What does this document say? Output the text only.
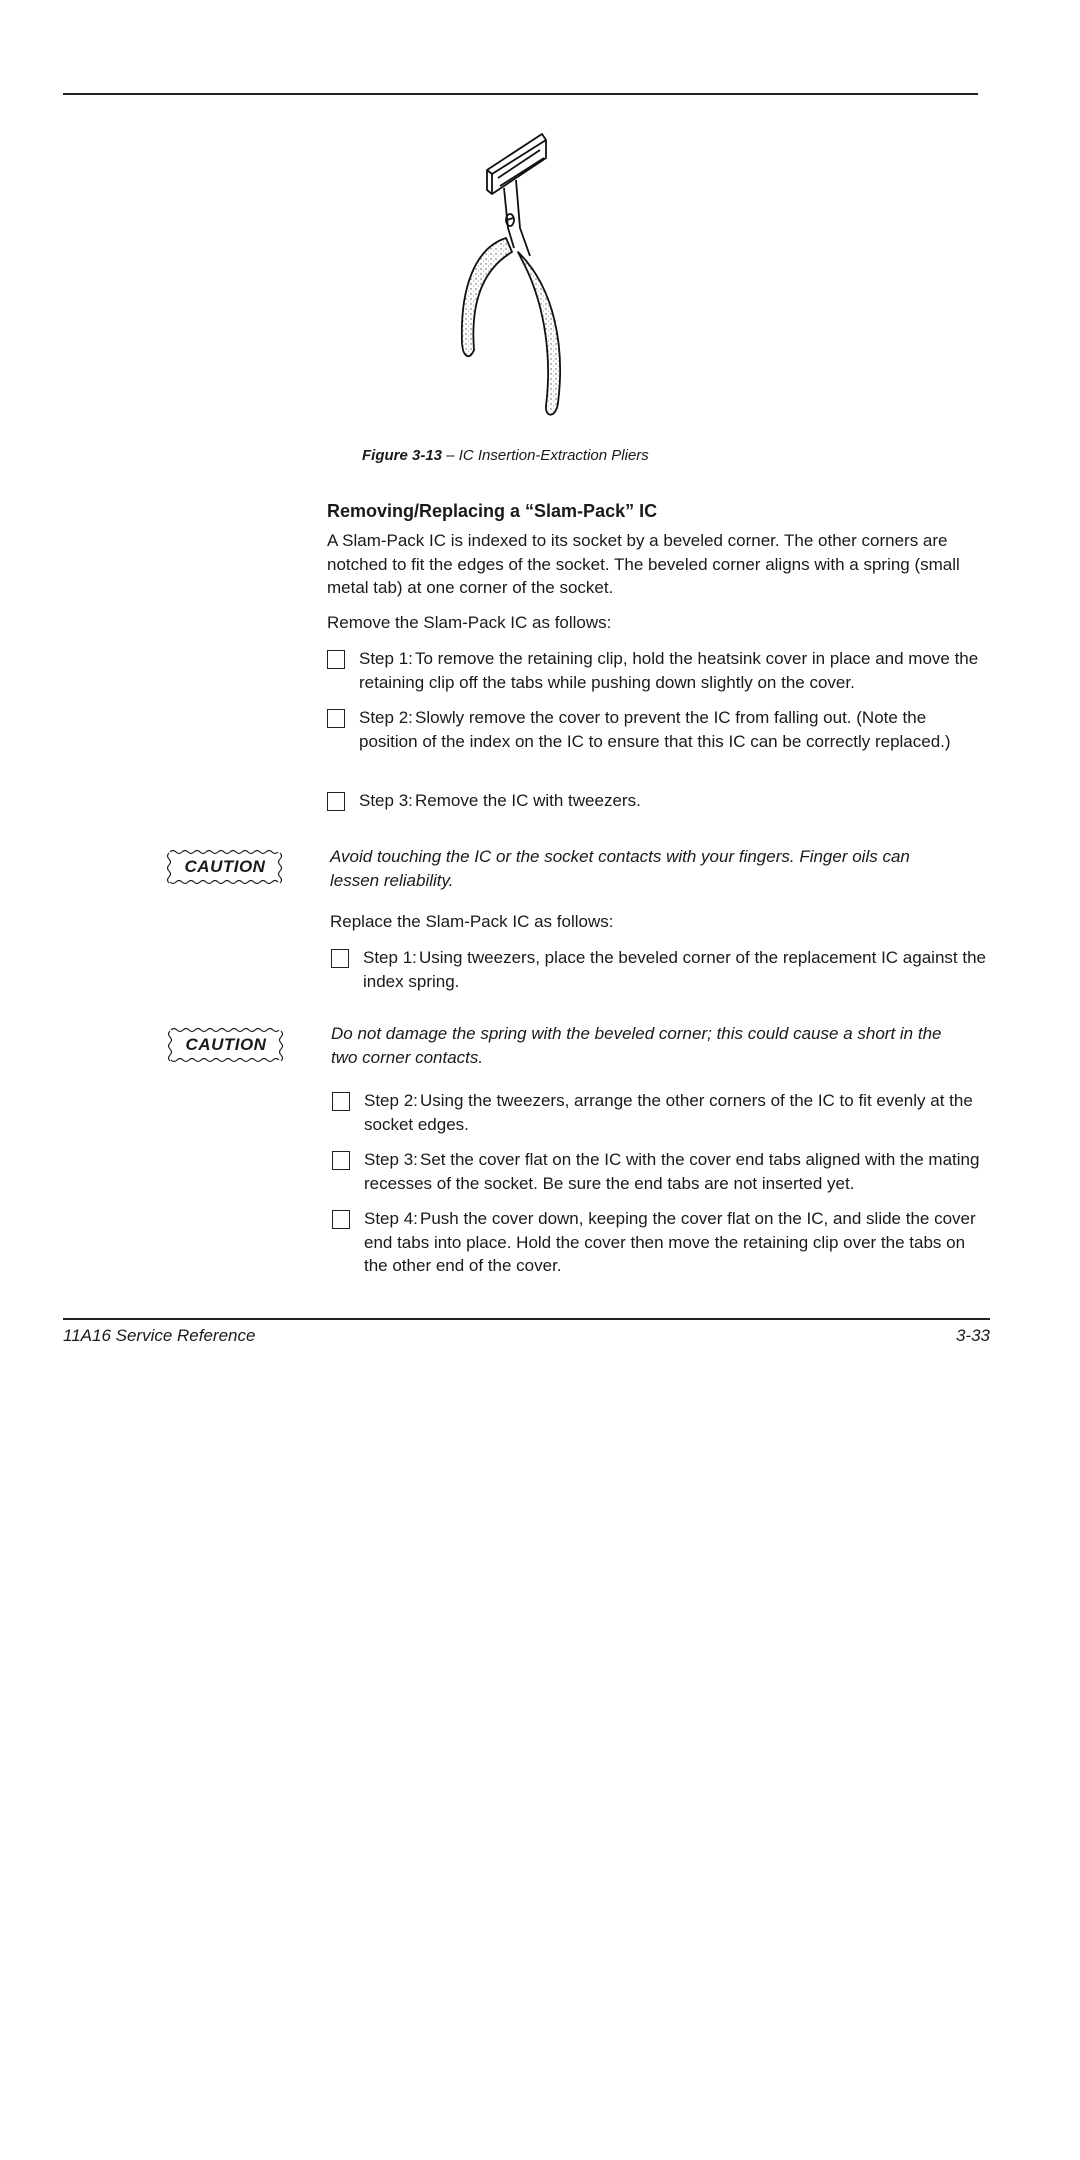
Figure 3-13 – IC Insertion-Extraction Pliers
Removing/Replacing a “Slam-Pack” IC
A Slam-Pack IC is indexed to its socket by a beveled corner. The other corners are notched to fit the edges of the socket. The beveled corner aligns with a spring (small metal tab) at one corner of the socket.
Remove the Slam-Pack IC as follows:
Step 1: To remove the retaining clip, hold the heatsink cover in place and move the retaining clip off the tabs while pushing down slightly on the cover.
Step 2: Slowly remove the cover to prevent the IC from falling out. (Note the position of the index on the IC to ensure that this IC can be correctly replaced.)
Step 3: Remove the IC with tweezers.
CAUTION
Avoid touching the IC or the socket contacts with your fingers. Finger oils can lessen reliability.
Replace the Slam-Pack IC as follows:
Step 1: Using tweezers, place the beveled corner of the replacement IC against the index spring.
CAUTION
Do not damage the spring with the beveled corner; this could cause a short in the two corner contacts.
Step 2: Using the tweezers, arrange the other corners of the IC to fit evenly at the socket edges.
Step 3: Set the cover flat on the IC with the cover end tabs aligned with the mating recesses of the socket. Be sure the end tabs are not inserted yet.
Step 4: Push the cover down, keeping the cover flat on the IC, and slide the cover end tabs into place. Hold the cover then move the retaining clip over the tabs on the other end of the cover.
11A16 Service Reference	3-33
